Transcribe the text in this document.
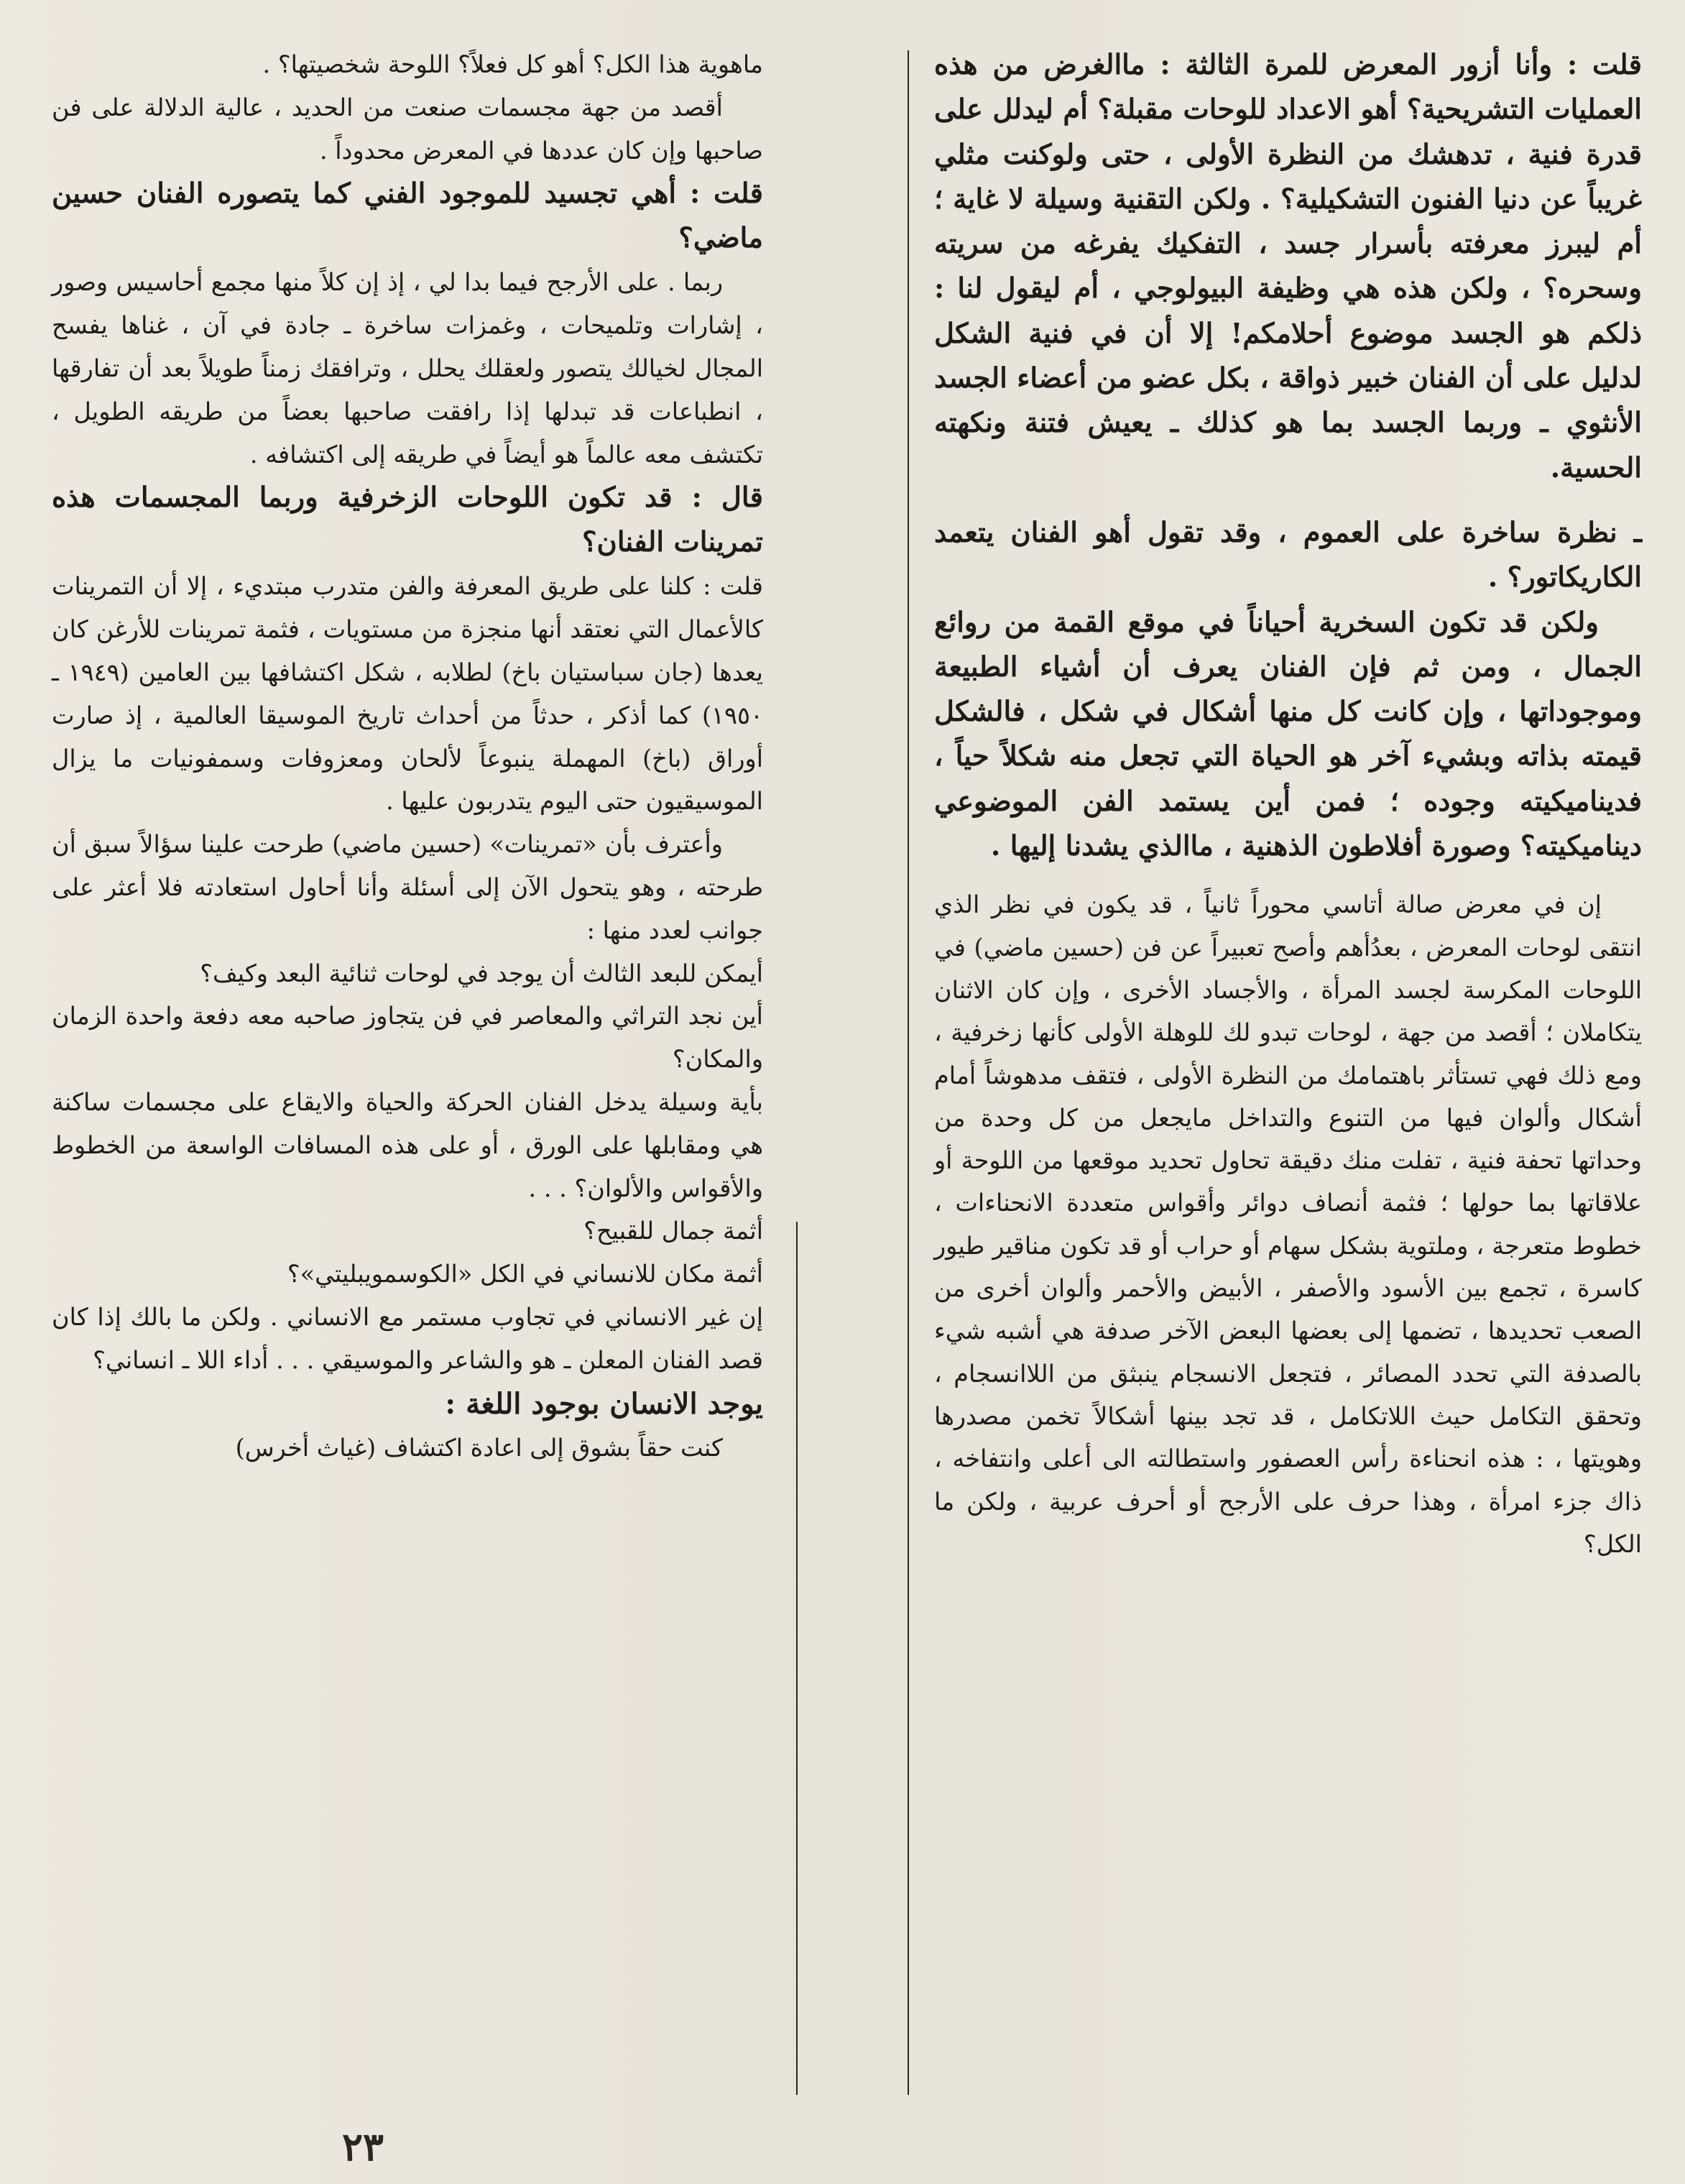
قلت : وأنا أزور المعرض للمرة الثالثة : ماالغرض من هذه العمليات التشريحية؟ أهو الاعداد للوحات مقبلة؟ أم ليدلل على قدرة فنية ، تدهشك من النظرة الأولى ، حتى ولوكنت مثلي غريباً عن دنيا الفنون التشكيلية؟ . ولكن التقنية وسيلة لا غاية ؛ أم ليبرز معرفته بأسرار جسد ، التفكيك يفرغه من سريته وسحره؟ ، ولكن هذه هي وظيفة البيولوجي ، أم ليقول لنا : ذلكم هو الجسد موضوع أحلامكم! إلا أن في فنية الشكل لدليل على أن الفنان خبير ذواقة ، بكل عضو من أعضاء الجسد الأنثوي ـ وربما الجسد بما هو كذلك ـ يعيش فتنة ونكهته الحسية.

ـ نظرة ساخرة على العموم ، وقد تقول أهو الفنان يتعمد الكاريكاتور؟ .

ولكن قد تكون السخرية أحياناً في موقع القمة من روائع الجمال ، ومن ثم فإن الفنان يعرف أن أشياء الطبيعة وموجوداتها ، وإن كانت كل منها أشكال في شكل ، فالشكل قيمته بذاته وبشيء آخر هو الحياة التي تجعل منه شكلاً حياً ، فديناميكيته وجوده ؛ فمن أين يستمد الفن الموضوعي ديناميكيته؟ وصورة أفلاطون الذهنية ، ماالذي يشدنا إليها .

إن في معرض صالة أتاسي محوراً ثانياً ، قد يكون في نظر الذي انتقى لوحات المعرض ، بعدُأهم وأصح تعبيراً عن فن (حسين ماضي) في اللوحات المكرسة لجسد المرأة ، والأجساد الأخرى ، وإن كان الاثنان يتكاملان ؛ أقصد من جهة ، لوحات تبدو لك للوهلة الأولى كأنها زخرفية ، ومع ذلك فهي تستأثر باهتمامك من النظرة الأولى ، فتقف مدهوشاً أمام أشكال وألوان فيها من التنوع والتداخل مايجعل من كل وحدة من وحداتها تحفة فنية ، تفلت منك دقيقة تحاول تحديد موقعها من اللوحة أو علاقاتها بما حولها ؛ فثمة أنصاف دوائر وأقواس متعددة الانحناءات ، خطوط متعرجة ، وملتوية بشكل سهام أو حراب أو قد تكون مناقير طيور كاسرة ، تجمع بين الأسود والأصفر ، الأبيض والأحمر وألوان أخرى من الصعب تحديدها ، تضمها إلى بعضها البعض الآخر صدفة هي أشبه شيء بالصدفة التي تحدد المصائر ، فتجعل الانسجام ينبثق من اللاانسجام ، وتحقق التكامل حيث اللاتكامل ، قد تجد بينها أشكالاً تخمن مصدرها وهويتها ، : هذه انحناءة رأس العصفور واستطالته الى أعلى وانتفاخه ، ذاك جزء امرأة ، وهذا حرف على الأرجح أو أحرف عربية ، ولكن ما الكل؟

ماهوية هذا الكل؟ أهو كل فعلاً؟ اللوحة شخصيتها؟ .

أقصد من جهة مجسمات صنعت من الحديد ، عالية الدلالة على فن صاحبها وإن كان عددها في المعرض محدوداً .

قلت : أهي تجسيد للموجود الفني كما يتصوره الفنان حسين ماضي؟

ربما . على الأرجح فيما بدا لي ، إذ إن كلاً منها مجمع أحاسيس وصور ، إشارات وتلميحات ، وغمزات ساخرة ـ جادة في آن ، غناها يفسح المجال لخيالك يتصور ولعقلك يحلل ، وترافقك زمناً طويلاً بعد أن تفارقها ، انطباعات قد تبدلها إذا رافقت صاحبها بعضاً من طريقه الطويل ، تكتشف معه عالماً هو أيضاً في طريقه إلى اكتشافه .

قال : قد تكون اللوحات الزخرفية وربما المجسمات هذه تمرينات الفنان؟

قلت : كلنا على طريق المعرفة والفن متدرب مبتديء ، إلا أن التمرينات كالأعمال التي نعتقد أنها منجزة من مستويات ، فثمة تمرينات للأرغن كان يعدها (جان سباستيان باخ) لطلابه ، شكل اكتشافها بين العامين (١٩٤٩ ـ ١٩٥٠) كما أذكر ، حدثاً من أحداث تاريخ الموسيقا العالمية ، إذ صارت أوراق (باخ) المهملة ينبوعاً لألحان ومعزوفات وسمفونيات ما يزال الموسيقيون حتى اليوم يتدربون عليها .

وأعترف بأن «تمرينات» (حسين ماضي) طرحت علينا سؤالاً سبق أن طرحته ، وهو يتحول الآن إلى أسئلة وأنا أحاول استعادته فلا أعثر على جوانب لعدد منها :

أيمكن للبعد الثالث أن يوجد في لوحات ثنائية البعد وكيف؟

أين نجد التراثي والمعاصر في فن يتجاوز صاحبه معه دفعة واحدة الزمان والمكان؟

بأية وسيلة يدخل الفنان الحركة والحياة والايقاع على مجسمات ساكنة هي ومقابلها على الورق ، أو على هذه المسافات الواسعة من الخطوط والأقواس والألوان؟ . . .

أثمة جمال للقبيح؟

أثمة مكان للانساني في الكل «الكوسمويبليتي»؟

إن غير الانساني في تجاوب مستمر مع الانساني . ولكن ما بالك إذا كان قصد الفنان المعلن ـ هو والشاعر والموسيقي . . . أداء اللا ـ انساني؟

يوجد الانسان بوجود اللغة :

كنت حقاً بشوق إلى اعادة اكتشاف (غياث أخرس)

٢٣
